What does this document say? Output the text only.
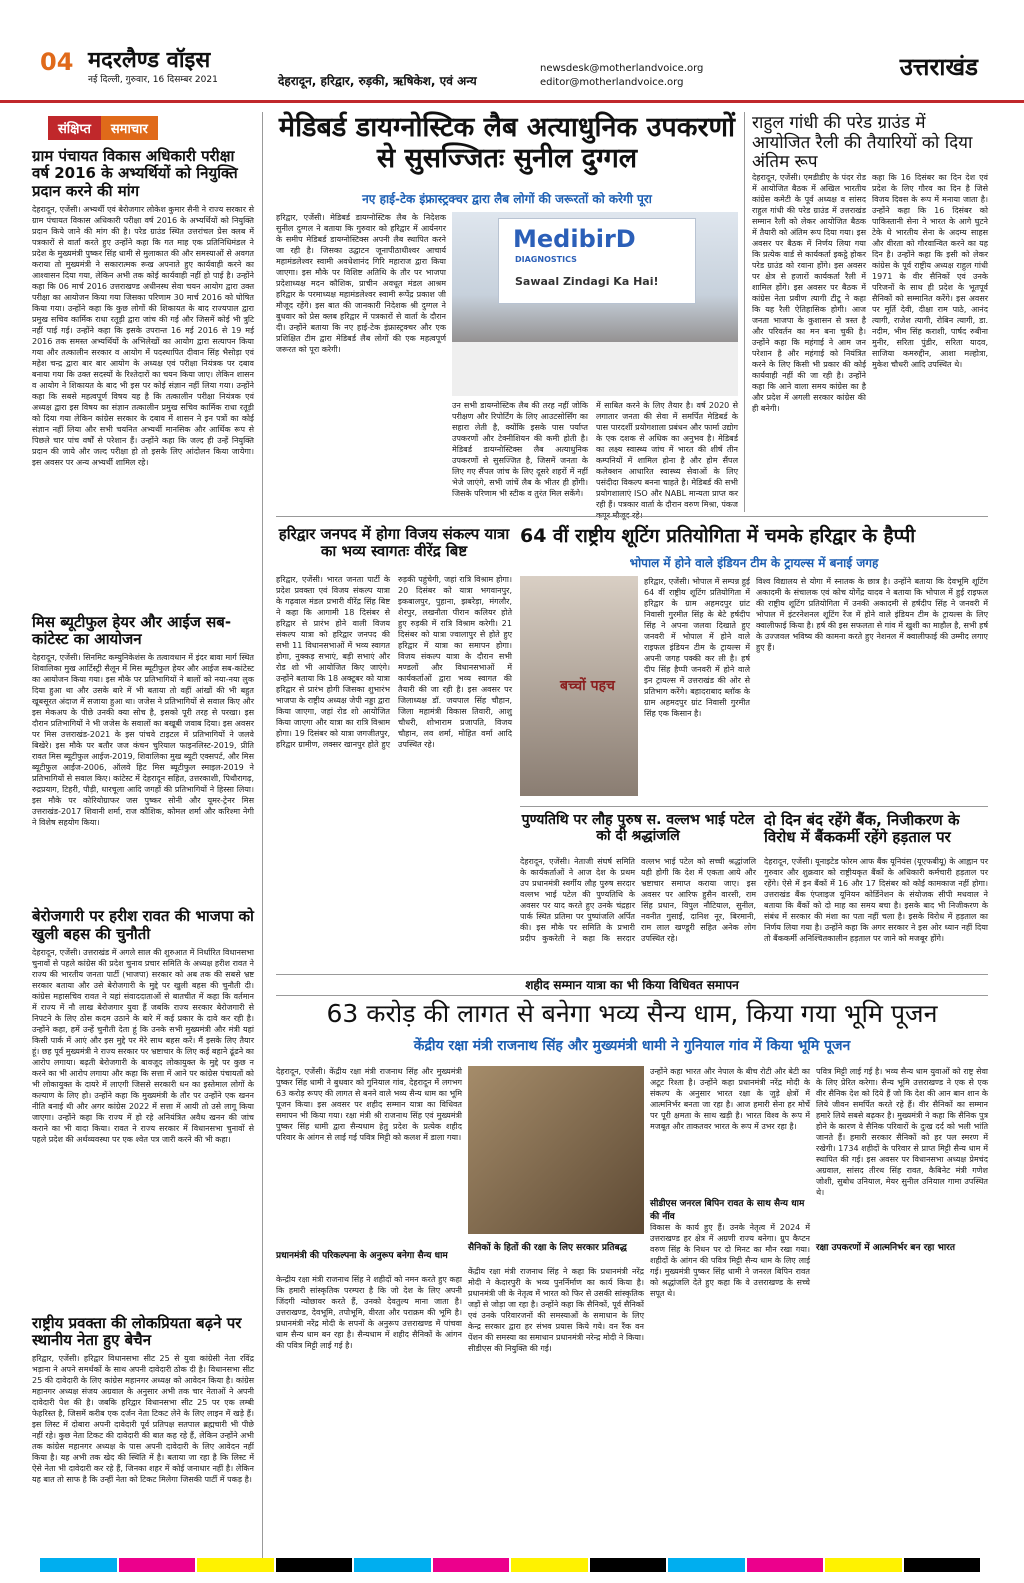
04 मदरलैण्ड वॉइस
नई दिल्ली, गुरुवार, 16 दिसम्बर 2021	देहरादून, हरिद्वार, रुड़की, ऋषिकेश, एवं अन्य
newsdesk@motherlandvoice.org
editor@motherlandvoice.org
उत्तराखंड
संक्षिप्त समाचार
ग्राम पंचायत विकास अधिकारी परीक्षा वर्ष 2016 के अभ्यर्थियों को नियुक्ति प्रदान करने की मांग

देहरादून, एजेंसी। अभ्यर्थी एवं बेरोजगार लोकेश कुमार सैनी ने राज्य सरकार से ग्राम पंचायत विकास अधिकारी परीक्षा वर्ष 2016 के अभ्यर्थियों को नियुक्ति प्रदान किये जाने की मांग की है। परेड ग्राउंड स्थित उत्तरांचल प्रेस क्लब में पत्रकारों से वार्ता करते हुए उन्होंने कहा कि गत माह एक प्रतिनिधिमंडल ने प्रदेश के मुख्यमंत्री पुष्कर सिंह धामी से मुलाकात की और समस्याओं से अवगत कराया तो मुख्यमंत्री ने सकारात्मक रूख अपनाते हुए कार्यवाही करने का आश्वासन दिया गया, लेकिन अभी तक कोई कार्यवाही नहीं हो पाई है। उन्होंने कहा कि 06 मार्च 2016 उत्तराखण्ड अधीनस्थ सेवा चयन आयोग द्वारा उक्त परीक्षा का आयोजन किया गया जिसका परिणाम 30 मार्च 2016 को घोषित किया गया। उन्होंने कहा कि कुछ लोगों की शिकायत के बाद राज्यपाल द्वारा प्रमुख सचिव कार्मिक राधा रतूड़ी द्वारा जांच की गई और जिसमें कोई भी त्रुटि नहीं पाई गई। उन्होंने कहा कि इसके उपरान्त 16 मई 2016 से 19 मई 2016 तक समस्त अभ्यर्थियों के अभिलेखों का आयोग द्वारा सत्यापन किया गया और तत्कालीन सरकार व आयोग में पदस्थापित दीवान सिंह भैसोड़ा एवं महेश चन्द्र द्वारा बार बार आयोग के अध्यक्ष एवं परीक्षा नियंत्रक पर दबाव बनाया गया कि उक्त सदस्यों के रिश्तेदारों का चयन किया जाए। लेकिन शासन व आयोग ने शिकायत के बाद भी इस पर कोई संज्ञान नहीं लिया गया। उन्होंने कहा कि सबसे महत्वपूर्ण विषय यह है कि तत्कालीन परीक्षा नियंत्रक एवं अध्यक्ष द्वारा इस विषय का संज्ञान तत्कालीन प्रमुख सचिव कार्मिक राधा रतूड़ी को दिया गया लेकिन कांग्रेस सरकार के दबाव में शासन ने इन पत्रों का कोई संज्ञान नहीं लिया और सभी चयनित अभ्यर्थी मानसिक और आर्थिक रूप से पिछले चार पांच वर्षों से परेशान हैं। उन्होंने कहा कि जल्द ही उन्हें नियुक्ति प्रदान की जाये और जल्द परीक्षा हो तो इसके लिए आंदोलन किया जायेगा। इस अवसर पर अन्य अभ्यर्थी शामिल रहे।

मिस ब्यूटीफुल हेयर और आईज सब-कांटेस्ट का आयोजन

देहरादून, एजेंसी। सिनमिट कम्युनिकेशंस के तत्वावधान में इंदर बावा मार्ग स्थित शिवालिका मुख आर्टिस्ट्री सैलून में मिस ब्यूटीफुल हेयर और आईज सब-कांटेस्ट का आयोजन किया गया। इस मौके पर प्रतिभागियों ने बालों को नया-नया लुक दिया हुआ था और उसके बारे में भी बताया तो वहीं आंखों की भी बहुत खूबसूरत अंदाज में सजाया हुआ था। जजेस ने प्रतिभागियों से सवाल किए और इस मेकअप के पीछे उनकी क्या सोच है, इसको पूरी तरह से परखा। इस दौरान प्रतिभागियों ने भी जजेस के सवालों का बखूबी जवाब दिया। इस अवसर पर मिस उत्तराखंड-2021 के इस पांचवे टाइटल में प्रतिभागियों ने जलवे बिखेरे। इस मौके पर बतौर जज कंचन चुरियाल फाइनलिस्ट-2019, प्रीति रावत मिस ब्यूटीफुल आईज-2019, शिवालिका मुख ब्यूटी एक्सपर्ट, और मिस ब्यूटीफुल आईज-2006, ऑलवे हिट मिस ब्यूटीफुल स्माइल-2019 ने प्रतिभागियों से सवाल किए। कांटेस्ट में देहरादून सहित, उत्तरकाशी, पिथौरागढ़, रुद्रप्रयाग, टिहरी, पौड़ी, धारचूला आदि जगहों की प्रतिभागियों ने हिस्सा लिया। इस मौके पर कोरियोग्राफर जस पुष्कर सोनी और यूमर-ट्रेनर मिस उत्तराखंड-2017 शिवानी शर्मा, राज कौशिक, कोमल शर्मा और करिश्मा नेगी ने विशेष सहयोग किया।

बेरोजगारी पर हरीश रावत की भाजपा को खुली बहस की चुनौती

देहरादून, एजेंसी। उत्तराखंड में अगले साल की शुरुआत में निर्धारित विधानसभा चुनावों से पहले कांग्रेस की प्रदेश चुनाव प्रचार समिति के अध्यक्ष हरीश रावत ने राज्य की भारतीय जनता पार्टी (भाजपा) सरकार को अब तक की सबसे भ्रष्ट सरकार बताया और उसे बेरोजगारी के मुद्दे पर खुली बहस की चुनौती दी। कांग्रेस महासचिव रावत ने यहां संवाददाताओं से बातचीत में कहा कि वर्तमान में राज्य में नौ लाख बेरोजगार युवा हैं जबकि राज्य सरकार बेरोजगारी से निपटने के लिए ठोस कदम उठाने के बारे में कई प्रकार के दावे कर रही है। उन्होंने कहा, हमें उन्हें चुनौती देता हूं कि उनके सभी मुख्यमंत्री और मंत्री यहां किसी पार्क में आएं और इस मुद्दे पर मेरे साथ बहस करें। मैं इसके लिए तैयार हूं। छह पूर्व मुख्यमंत्री ने राज्य सरकार पर भ्रष्टाचार के लिए कई बहाने ढूंढने का आरोप लगाया। बढ़ती बेरोजगारी के बावजूद लोकायुक्त के मुद्दे पर कुछ न करने का भी आरोप लगाया और कहा कि सत्ता में आने पर कांग्रेस पंचायतों को भी लोकायुक्त के दायरे में लाएगी जिससे सरकारी धन का इस्तेमाल लोगों के कल्याण के लिए हो। उन्होंने कहा कि मुख्यमंत्री के तौर पर उन्होंने एक खनन नीति बनाई थी और अगर कांग्रेस 2022 में सत्ता में आयी तो उसे लागू किया जाएगा। उन्होंने कहा कि राज्य में हो रहे अनियंत्रित अवैध खनन की जांच कराने का भी वादा किया। रावत ने राज्य सरकार में विधानसभा चुनावों से पहले प्रदेश की अर्थव्यवस्था पर एक श्वेत पत्र जारी करने की भी कहा।

राष्ट्रीय प्रवक्ता की लोकप्रियता बढ़ने पर स्थानीय नेता हुए बेचैन

हरिद्वार, एजेंसी। हरिद्वार विधानसभा सीट 25 से युवा कांग्रेसी नेता रविंद्र भड़ाना ने अपने समर्थकों के साथ अपनी दावेदारी ठोक दी है। विधानसभा सीट 25 की दावेदारी के लिए कांग्रेस महानगर अध्यक्ष को आवेदन किया है। कांग्रेस महानगर अध्यक्ष संजय अग्रवाल के अनुसार अभी तक चार नेताओं ने अपनी दावेदारी पेश की है। जबकि हरिद्वार विधानसभा सीट 25 पर एक लम्बी फेहरिस्त है, जिसमें करीब एक दर्जन नेता टिकट लेने के लिए लाइन में खड़े हैं। इस लिस्ट में दोबारा अपनी दावेदारी पूर्व प्रतिपक्ष सतपाल ब्रह्मचारी भी पीछे नहीं रहे। कुछ नेता टिकट की दावेदारी की बात कह रहे हैं, लेकिन उन्होंने अभी तक कांग्रेस महानगर अध्यक्ष के पास अपनी दावेदारी के लिए आवेदन नहीं किया है। यह अभी तक खेद की स्थिति में है। बताया जा रहा है कि लिस्ट में ऐसे नेता भी दावेदारी कर रहे हैं, जिनका शहर में कोई जनाधार नहीं है। लेकिन यह बात तो साफ है कि उन्हीं नेता को टिकट मिलेगा जिसकी पार्टी में पकड़ है।

मेडिबर्ड डायग्नोस्टिक लैब अत्याधुनिक उपकरणों से सुसज्जितः सुनील दुग्गल
नए हाई-टेक इंफ्रास्ट्रक्चर द्वारा लैब लोगों की जरूरतों को करेगी पूरा

हरिद्वार, एजेंसी। मेडिबर्ड डायग्नोस्टिक लैब के निदेशक सुनील दुग्गल ने बताया कि गुरुवार को हरिद्वार में आर्यनगर के समीप मेडिबर्ड डायग्नोस्टिक्स अपनी लैब स्थापित करने जा रही है। जिसका उद्घाटन जूनापीठाधीश्वर आचार्य महामंडलेश्वर स्वामी अवधेशानंद गिरि महाराज द्वारा किया जाएगा। इस मौके पर विशिष्ट अतिथि के तौर पर भाजपा प्रदेशाध्यक्ष मदन कौशिक, प्राचीन अवधूत मंडल आश्रम हरिद्वार के परमाध्यक्ष महामंडलेश्वर स्वामी रूपेंद्र प्रकाश जी मौजूद रहेंगे। इस बात की जानकारी निदेशक श्री दुग्गल ने बुधवार को प्रेस क्लब हरिद्वार में पत्रकारों से वार्ता के दौरान दी। उन्होंने बताया कि नए हाई-टेक इंफ्रास्ट्रक्चर और एक प्रशिक्षित टीम द्वारा मेडिबर्ड लैब लोगों की एक महत्वपूर्ण जरूरत को पूरा करेगी।

MedibirD
DIAGNOSTICS
Sawaal Zindagi Ka Hai!

उन सभी डायग्नोस्टिक लैब की तरह नहीं जोकि परीक्षण और रिपोर्टिंग के लिए आउटसोर्सिंग का सहारा लेती है, क्योंकि इसके पास पर्याप्त उपकरणों और टेक्नीशियन की कमी होती है। मेडिबर्ड डायग्नोस्टिक्स लैब अत्याधुनिक उपकरणों से सुसज्जित है, जिसमें जनता के लिए गए सैंपल जांच के लिए दूसरे शहरों में नहीं भेजे जाएंगे, सभी जांचें लैब के भीतर ही होंगी। जिसके परिणाम भी स्टीक व तुरंत मिल सकेंगे।

में साबित करने के लिए तैयार है। वर्ष 2020 से लगातार जनता की सेवा में समर्पित मेडिबर्ड के पास पारदर्शी प्रयोगशाला प्रबंधन और फार्मा उद्योग के एक दशक से अधिक का अनुभव है। मेडिबर्ड का लक्ष्य स्वास्थ्य जांच में भारत की शीर्ष तीन कम्पनियों में शामिल होना है और होम सैंपल कलेक्शन आधारित स्वास्थ्य सेवाओं के लिए पसंदीदा विकल्प बनना चाहते है। मेडिबर्ड की सभी प्रयोगशालाएं ISO और NABL मान्यता प्राप्त कर रही हैं। पत्रकार वार्ता के दौरान वरुण मिश्रा, पंकज

राहुल गांधी की परेड ग्राउंड में आयोजित रैली की तैयारियों को दिया अंतिम रूप

देहरादून, एजेंसी। एमडीडीए के पंदर रोड में आयोजित बैठक में अखिल भारतीय कांग्रेस कमेटी के पूर्व अध्यक्ष व सांसद राहुल गांधी की परेड ग्राउंड में उत्तराखंड सम्मान रैली को लेकर आयोजित बैठक में तैयारी को अंतिम रूप दिया गया। इस अवसर पर बैठक में निर्णय लिया गया कि प्रत्येक वार्ड से कार्यकर्ता इकट्ठे होकर परेड ग्राउंड को रवाना होंगे। इस अवसर पर क्षेत्र से हजारों कार्यकर्ता रैली में शामिल होंगे। इस अवसर पर बैठक में कांग्रेस नेता प्रवीण त्यागी टीटू ने कहा कि यह रैली ऐतिहासिक होगी। आज जनता भाजपा के कुशासन से त्रस्त है और परिवर्तन का मन बना चुकी है। उन्होंने कहा कि महंगाई ने आम जन परेशान है और महंगाई को नियंत्रित करने के लिए किसी भी प्रकार की कोई कार्यवाही नहीं की जा रही है। उन्होंने कहा कि आने वाला समय कांग्रेस का है और प्रदेश में अगली सरकार कांग्रेस की ही बनेगी।

कहा कि 16 दिसंबर का दिन देश एवं प्रदेश के लिए गौरव का दिन है जिसे विजय दिवस के रूप में मनाया जाता है। उन्होंने कहा कि 16 दिसंबर को पाकिस्तानी सेना ने भारत के आगे घुटने टेके थे भारतीय सेना के अदम्य साहस और वीरता को गौरवान्वित करने का यह दिन है। उन्होंने कहा कि इसी को लेकर कांग्रेस के पूर्व राष्ट्रीय अध्यक्ष राहुल गांधी 1971 के वीर सैनिकों एवं उनके परिजनों के साथ ही प्रदेश के भूतपूर्व सैनिकों को सम्मानित करेंगे। इस अवसर पर मूर्ति देवी, दीक्षा राम पाठे, आनंद त्यागी, राजेश त्यागी, रोबिन त्यागी, डा. नदीम, भीम सिंह कराशी, पार्षद रुबीना मुनीर, सरिता पुंडीर, सरिता यादव, साजिया कमरुद्दीन, आशा मल्होत्रा, मुकेश चौधरी आदि उपस्थित थे।

हरिद्वार जनपद में होगा विजय संकल्प यात्रा का भव्य स्वागतः वीरेंद्र बिष्ट

हरिद्वार, एजेंसी। भारत जनता पार्टी के प्रदेश प्रवक्ता एवं विजय संकल्प यात्रा के गढ़वाल मंडल प्रभारी वीरेंद्र सिंह बिष्ट ने कहा कि आगामी 18 दिसंबर से हरिद्वार से प्रारंभ होने वाली विजय संकल्प यात्रा को हरिद्वार जनपद की सभी 11 विधानसभाओं में भव्य स्वागत होगा, नुक्कड़ सभाएं, बड़ी सभाएं और रोड शो भी आयोजित किए जाएंगे। उन्होंने बताया कि 18 अक्टूबर को यात्रा हरिद्वार से प्रारंभ होगी जिसका शुभारंभ भाजपा के राष्ट्रीय अध्यक्ष जेपी नड्डा द्वारा किया जाएगा, जहां रोड शो आयोजित किया जाएगा और यात्रा का रात्रि विश्राम होगा। 19 दिसंबर को यात्रा जगजीतपुर, हरिद्वार ग्रामीण, लक्सर खानपुर होते हुए रुड़की पहुंचेगी, जहां रात्रि विश्राम होगा। 20 दिसंबर को यात्रा भगवानपुर, इकबालपुर, पुहाना, झबरेड़ा, मंगलौर, शेरपुर, लखनौता पीरान कलियर होते हुए रुड़की में रात्रि विश्राम करेगी। 21 दिसंबर को यात्रा ज्वालापुर से होते हुए हरिद्वार में यात्रा का समापन होगा। विजय संकल्प यात्रा के दौरान सभी मण्डलों और विधानसभाओं में कार्यकर्ताओं द्वारा भव्य स्वागत की तैयारी की जा रही है। इस अवसर पर जिलाध्यक्ष डॉ. जयपाल सिंह चौहान, जिला महामंत्री विकास तिवारी, आशु चौधरी, शोभाराम प्रजापति, विजय चौहान, लव शर्मा, मोहित वर्मा आदि उपस्थित रहे।

64 वीं राष्ट्रीय शूटिंग प्रतियोगिता में चमके हरिद्वार के हैप्पी
भोपाल में होने वाले इंडियन टीम के ट्रायल्स में बनाई जगह
बच्चों पहच

हरिद्वार, एजेंसी। भोपाल में सम्पन्न हुई 64 वीं राष्ट्रीय शूटिंग प्रतियोगिता में हरिद्वार के ग्राम अहमदपुर ग्रांट निवासी गुरमीत सिंह के बेटे हर्षदीप सिंह ने अपना जलवा दिखाते हुए जनवरी में भोपाल में होने वाले राइफल इंडियन टीम के ट्रायल्स में अपनी जगह पक्की कर ली है। हर्ष दीप सिंह हैप्पी जनवरी में होने वाले इन ट्रायल्स में उत्तराखंड की ओर से प्रतिभाग करेंगे। बहादराबाद ब्लॉक के ग्राम अहमदपुर ग्रांट निवासी गुरमीत सिंह एक किसान है।

विश्व विद्यालय से योगा में स्नातक के छात्र है। उन्होंने बताया कि देवभूमि शूटिंग अकादमी के संचालक एवं कोच योगेंद्र यादव ने बताया कि भोपाल में हुई राइफल की राष्ट्रीय शूटिंग प्रतियोगिता में उनकी अकादमी से हर्षदीप सिंह ने जनवरी में भोपाल में इंटरनेशनल शूटिंग रेंज में होने वाले इंडियन टीम के ट्रायल्स के लिए क्वालीफाई किया है। हर्ष की इस सफलता से गांव में खुशी का माहौल है, सभी हर्ष के उज्जवल भविष्य की कामना करते हुए नेशनल में क्वालीफाई की उम्मीद लगाए हुए हैं।

पुण्यतिथि पर लौह पुरुष स. वल्लभ भाई पटेल को दी श्रद्धांजलि

देहरादून, एजेंसी। नेताजी संघर्ष समिति के कार्यकर्ताओं ने आज देश के प्रथम उप प्रधानमंत्री स्वर्गीय लौह पुरुष सरदार वल्लभ भाई पटेल की पुण्यतिथि के अवसर पर याद करते हुए उनके चंद्रहार पार्क स्थित प्रतिमा पर पुष्पांजलि अर्पित की। इस मौके पर समिति के प्रभारी प्रदीप कुकरेती ने कहा कि सरदार वल्लभ भाई पटेल को सच्ची श्रद्धांजलि यही होगी कि देश में एकता आये और भ्रष्टाचार समाप्त कराया जाए। इस अवसर पर आरिफ हुसैन वारसी, राम सिंह प्रधान, विपुल नौटियाल, सुनील, नवनीत गुसाईं, दानिश नूर, बिरमानी, राम लाल खण्डूरी सहित अनेक लोग उपस्थित रहे।

दो दिन बंद रहेंगे बैंक, निजीकरण के विरोध में बैंककर्मी रहेंगे हड़ताल पर

देहरादून, एजेंसी। यूनाइटेड फोरम आफ बैंक यूनियंस (यूएफबीयू) के आह्वान पर गुरुवार और शुक्रवार को राष्ट्रीयकृत बैंकों के अधिकारी कर्मचारी हड़ताल पर रहेंगे। ऐसे में इन बैंकों में 16 और 17 दिसंबर को कोई कामकाज नहीं होगा। उत्तराखंड बैंक एंप्लाइज यूनियन कोर्डिनेशन के संयोजक सीपी मधवाल ने बताया कि बैंकों को दो माह का समय बचा है। इसके बाद भी निजीकरण के संबंध में सरकार की मंशा का पता नहीं चला है। इसके विरोध में हड़ताल का निर्णय लिया गया है। उन्होंने कहा कि अगर सरकार ने इस ओर ध्यान नहीं दिया तो बैंककर्मी अनिश्चितकालीन हड़ताल पर जाने को मजबूर होंगे।

शहीद सम्मान यात्रा का भी किया विधिवत समापन
63 करोड़ की लागत से बनेगा भव्य सैन्य धाम, किया गया भूमि पूजन
केंद्रीय रक्षा मंत्री राजनाथ सिंह और मुख्यमंत्री धामी ने गुनियाल गांव में किया भूमि पूजन

देहरादून, एजेंसी। केंद्रीय रक्षा मंत्री राजनाथ सिंह और मुख्यमंत्री पुष्कर सिंह धामी ने बुधवार को गुनियाल गांव, देहरादून में लगभग 63 करोड़ रूपए की लागत से बनने वाले भव्य सैन्य धाम का भूमि पूजन किया। इस अवसर पर शहीद सम्मान यात्रा का विधिवत समापन भी किया गया। रक्षा मंत्री श्री राजनाथ सिंह एवं मुख्यमंत्री पुष्कर सिंह धामी द्वारा सैन्यधाम हेतु प्रदेश के प्रत्येक शहीद परिवार के आंगन से लाई गई पवित्र मिट्टी को कलश में डाला गया।

प्रधानमंत्री की परिकल्पना के अनुरूप बनेगा सैन्य धाम

केन्द्रीय रक्षा मंत्री राजनाथ सिंह ने शहीदों को नमन करते हुए कहा कि हमारी सांस्कृतिक परम्परा है कि जो देश के लिए अपनी जिंदगी न्योछावर करते हैं, उनको देवतुल्य माना जाता है। उत्तराखण्ड, देवभूमि, तपोभूमि, वीरता और पराक्रम की भूमि है। प्रधानमंत्री नरेंद्र मोदी के सपनों के अनुरूप उत्तराखण्ड में पांचवा धाम सैन्य धाम बन रहा है। सैन्यधाम में शहीद सैनिकों के आंगन की पवित्र मिट्टी लाई गई है।

सैनिकों के हितों की रक्षा के लिए सरकार प्रतिबद्ध

केंद्रीय रक्षा मंत्री राजनाथ सिंह ने कहा कि प्रधानमंत्री नरेंद्र मोदी ने केदारपुरी के भव्य पुनर्निर्माण का कार्य किया है। प्रधानमंत्री जी के नेतृत्व में भारत को फिर से उसकी सांस्कृतिक जड़ों से जोड़ा जा रहा है। उन्होंने कहा कि सैनिकों, पूर्व सैनिकों एवं उनके परिवारजनों की समस्याओं के समाधान के लिए केन्द्र सरकार द्वारा हर संभव प्रयास किये गये। वन रैंक वन पेंशन की समस्या का समाधान प्रधानमंत्री नरेन्द्र मोदी ने किया। सीडीएस की नियुक्ति की गई।

उन्होंने कहा भारत और नेपाल के बीच रोटी और बेटी का अटूट रिश्ता है। उन्होंने कहा प्रधानमंत्री नरेंद्र मोदी के संकल्प के अनुसार भारत रक्षा के जुड़े क्षेत्रों में आत्मनिर्भर बनता जा रहा है। आज हमारी सेना हर मोर्चे पर पूरी क्षमता के साथ खड़ी है। भारत विश्व के रूप में मजबूत और ताकतवर भारत के रूप में उभर रहा है।

सीडीएस जनरल बिपिन रावत के साथ सैन्य धाम की नींव

विकास के कार्य हुए हैं। उनके नेतृत्व में 2024 में उत्तराखण्ड हर क्षेत्र में अग्रणी राज्य बनेगा। ग्रुप कैप्टन वरुण सिंह के निधन पर दो मिनट का मौन रखा गया। शहीदों के आंगन की पवित्र मिट्टी सैन्य धाम के लिए लाई गई। मुख्यमंत्री पुष्कर सिंह धामी ने जनरल बिपिन रावत को श्रद्धांजलि देते हुए कहा कि वे उत्तराखण्ड के सच्चे सपूत थे।

रक्षा उपकरणों में आत्मनिर्भर बन रहा भारत

पवित्र मिट्टी लाई गई है। भव्य सैन्य धाम युवाओं को राष्ट्र सेवा के लिए प्रेरित करेगा। सैन्य भूमि उत्तराखण्ड ने एक से एक वीर सैनिक देश को दिये हैं जो कि देश की आन बान शान के लिये जीवन समर्पित करते रहे हैं। वीर सैनिकों का सम्मान हमारे लिये सबसे बढ़कर है। मुख्यमंत्री ने कहा कि सैनिक पुत्र होने के कारण वे सैनिक परिवारों के दुःख दर्द को भली भांति जानते हैं। हमारी सरकार सैनिकों को हर पल स्मरण में रखेगी। 1734 शहीदों के परिवार से प्राप्त मिट्टी सैन्य धाम में स्थापित की गई। इस अवसर पर विधानसभा अध्यक्ष प्रेमचंद अग्रवाल, सांसद तीरथ सिंह रावत, कैबिनेट मंत्री गणेश जोशी, सुबोध उनियाल, मेयर सुनील उनियाल गामा उपस्थित थे।
